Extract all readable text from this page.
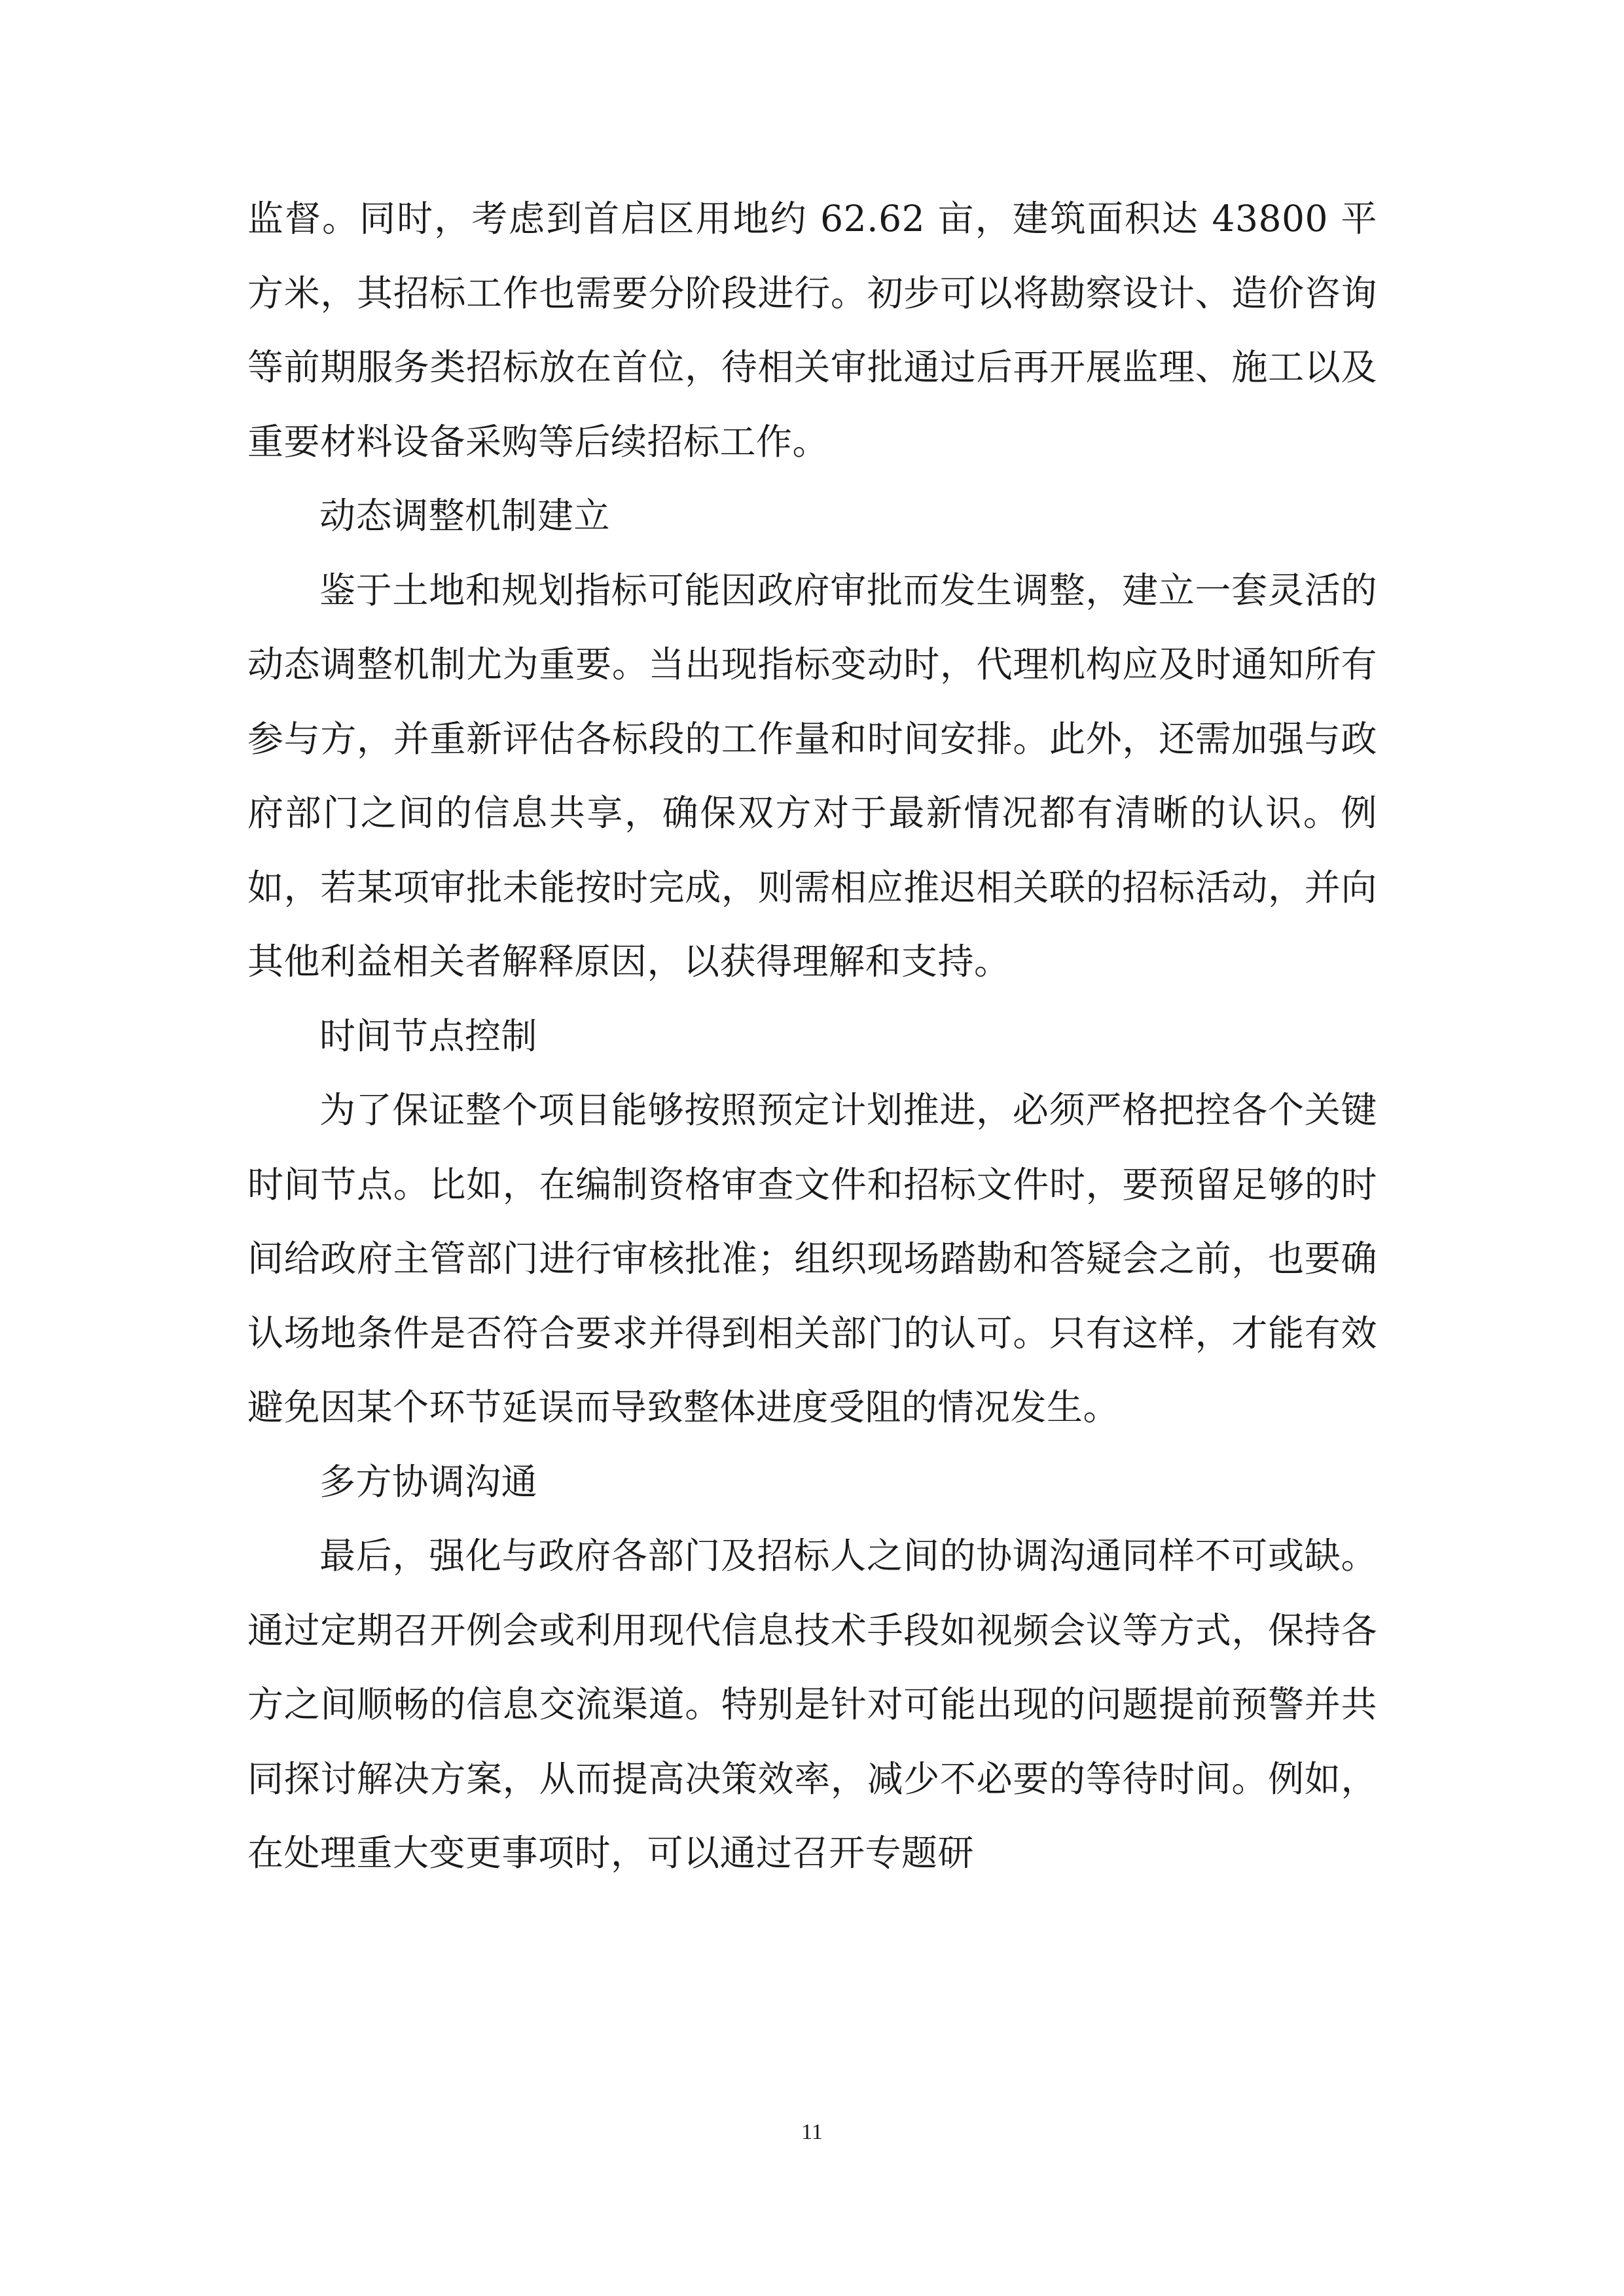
监督。同时，考虑到首启区用地约 62.62 亩，建筑面积达 43800 平方米，其招标工作也需要分阶段进行。初步可以将勘察设计、造价咨询等前期服务类招标放在首位，待相关审批通过后再开展监理、施工以及重要材料设备采购等后续招标工作。

动态调整机制建立

鉴于土地和规划指标可能因政府审批而发生调整，建立一套灵活的动态调整机制尤为重要。当出现指标变动时，代理机构应及时通知所有参与方，并重新评估各标段的工作量和时间安排。此外，还需加强与政府部门之间的信息共享，确保双方对于最新情况都有清晰的认识。例如，若某项审批未能按时完成，则需相应推迟相关联的招标活动，并向其他利益相关者解释原因，以获得理解和支持。

时间节点控制

为了保证整个项目能够按照预定计划推进，必须严格把控各个关键时间节点。比如，在编制资格审查文件和招标文件时，要预留足够的时间给政府主管部门进行审核批准；组织现场踏勘和答疑会之前，也要确认场地条件是否符合要求并得到相关部门的认可。只有这样，才能有效避免因某个环节延误而导致整体进度受阻的情况发生。

多方协调沟通

最后，强化与政府各部门及招标人之间的协调沟通同样不可或缺。通过定期召开例会或利用现代信息技术手段如视频会议等方式，保持各方之间顺畅的信息交流渠道。特别是针对可能出现的问题提前预警并共同探讨解决方案，从而提高决策效率，减少不必要的等待时间。例如，在处理重大变更事项时，可以通过召开专题研

11
